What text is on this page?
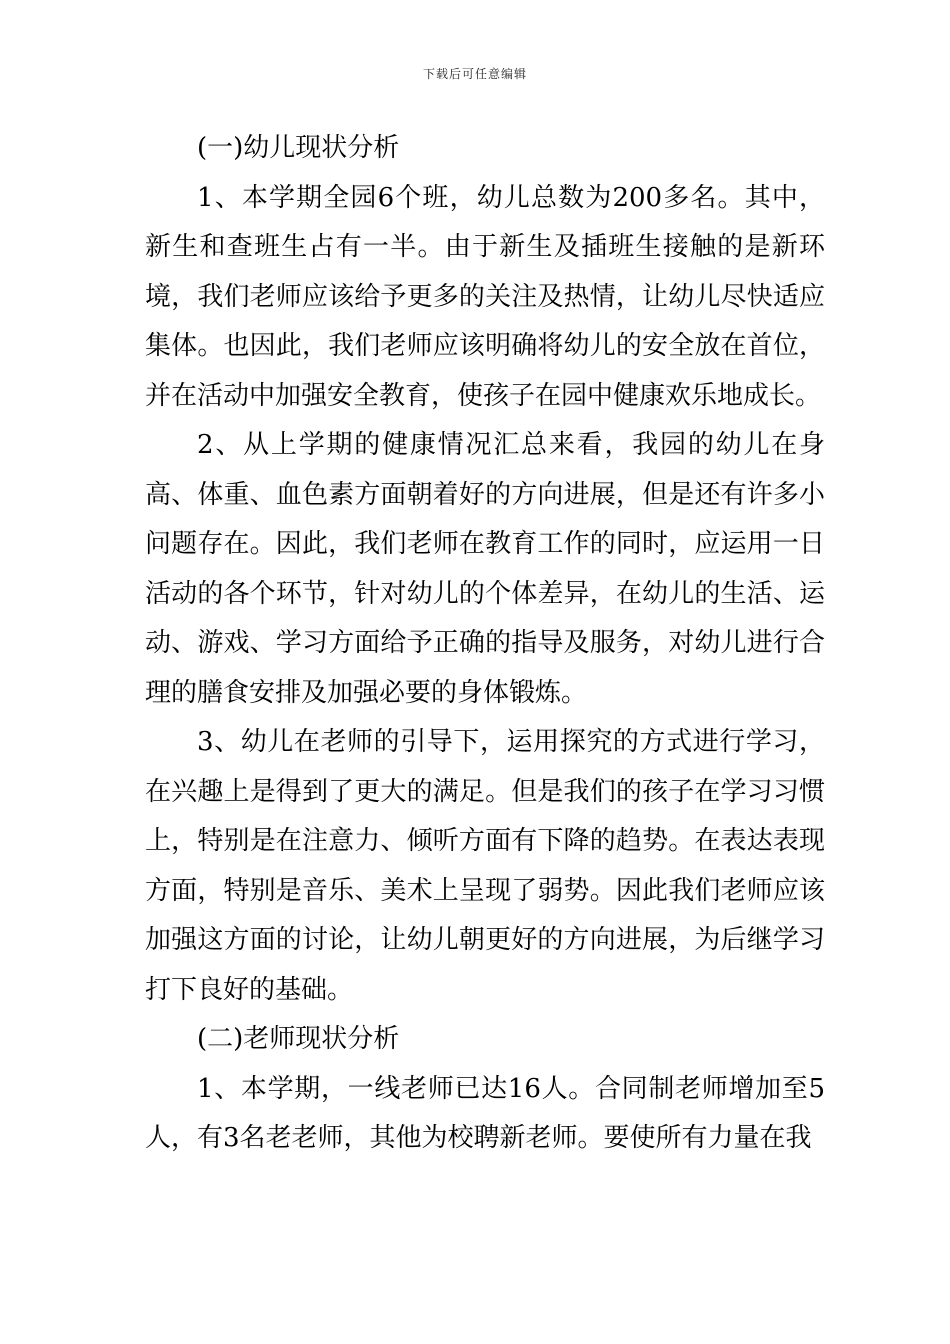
下载后可任意编辑

(一)幼儿现状分析

1、本学期全园6个班，幼儿总数为200多名。其中，新生和查班生占有一半。由于新生及插班生接触的是新环境，我们老师应该给予更多的关注及热情，让幼儿尽快适应集体。也因此，我们老师应该明确将幼儿的安全放在首位，并在活动中加强安全教育，使孩子在园中健康欢乐地成长。

2、从上学期的健康情况汇总来看，我园的幼儿在身高、体重、血色素方面朝着好的方向进展，但是还有许多小问题存在。因此，我们老师在教育工作的同时，应运用一日活动的各个环节，针对幼儿的个体差异，在幼儿的生活、运动、游戏、学习方面给予正确的指导及服务，对幼儿进行合理的膳食安排及加强必要的身体锻炼。

3、幼儿在老师的引导下，运用探究的方式进行学习，在兴趣上是得到了更大的满足。但是我们的孩子在学习习惯上，特别是在注意力、倾听方面有下降的趋势。在表达表现方面，特别是音乐、美术上呈现了弱势。因此我们老师应该加强这方面的讨论，让幼儿朝更好的方向进展，为后继学习打下良好的基础。

(二)老师现状分析

1、本学期，一线老师已达16人。合同制老师增加至5人，有3名老老师，其他为校聘新老师。要使所有力量在我
